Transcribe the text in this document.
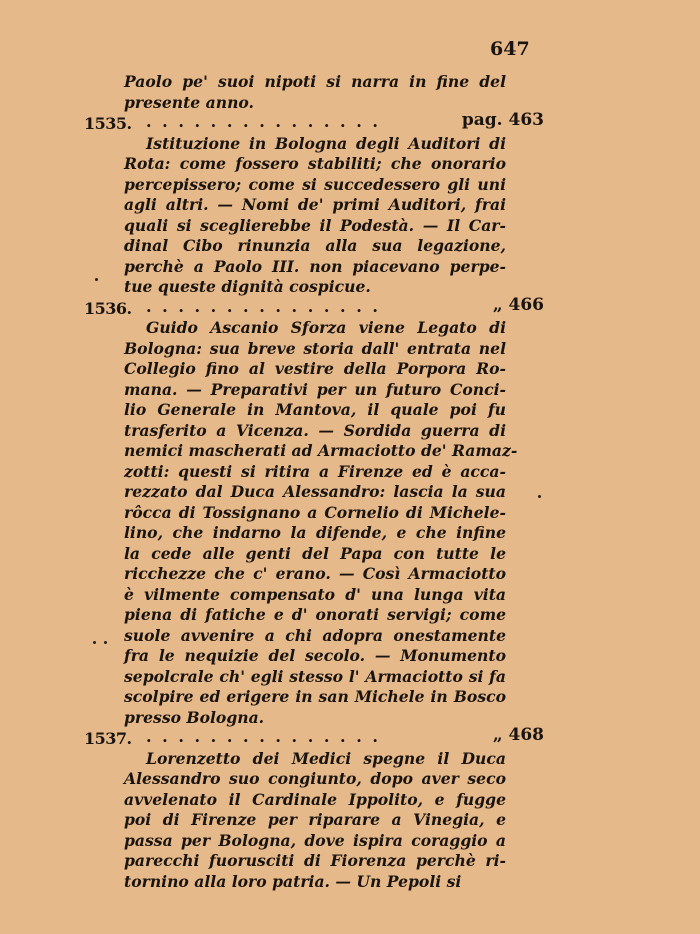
647
Paolo pe' suoi nipoti si narra in fine del
presente anno.
1535. ...............	pag. 463
Istituzione in Bologna degli Auditori di
Rota: come fossero stabiliti; che onorario
percepissero; come si succedessero gli uni
agli altri. — Nomi de' primi Auditori, frai
quali si sceglierebbe il Podestà. — Il Car-
dinal Cibo rinunzia alla sua legazione,
perchè a Paolo III. non piacevano perpe-
tue queste dignità cospicue.
1536. ...............	„ 466
Guido Ascanio Sforza viene Legato di
Bologna: sua breve storia dall' entrata nel
Collegio fino al vestire della Porpora Ro-
mana. — Preparativi per un futuro Conci-
lio Generale in Mantova, il quale poi fu
trasferito a Vicenza. — Sordida guerra di
nemici mascherati ad Armaciotto de' Ramaz-
zotti: questi si ritira a Firenze ed è acca-
rezzato dal Duca Alessandro: lascia la sua
rôcca di Tossignano a Cornelio di Michele-
lino, che indarno la difende, e che infine
la cede alle genti del Papa con tutte le
ricchezze che c' erano. — Così Armaciotto
è vilmente compensato d' una lunga vita
piena di fatiche e d' onorati servigi; come
suole avvenire a chi adopra onestamente
fra le nequizie del secolo. — Monumento
sepolcrale ch' egli stesso l' Armaciotto si fa
scolpire ed erigere in san Michele in Bosco
presso Bologna.
1537. ...............	„ 468
Lorenzetto dei Medici spegne il Duca
Alessandro suo congiunto, dopo aver seco
avvelenato il Cardinale Ippolito, e fugge
poi di Firenze per riparare a Vinegia, e
passa per Bologna, dove ispira coraggio a
parecchi fuorusciti di Fiorenza perchè ri-
tornino alla loro patria. — Un Pepoli si
